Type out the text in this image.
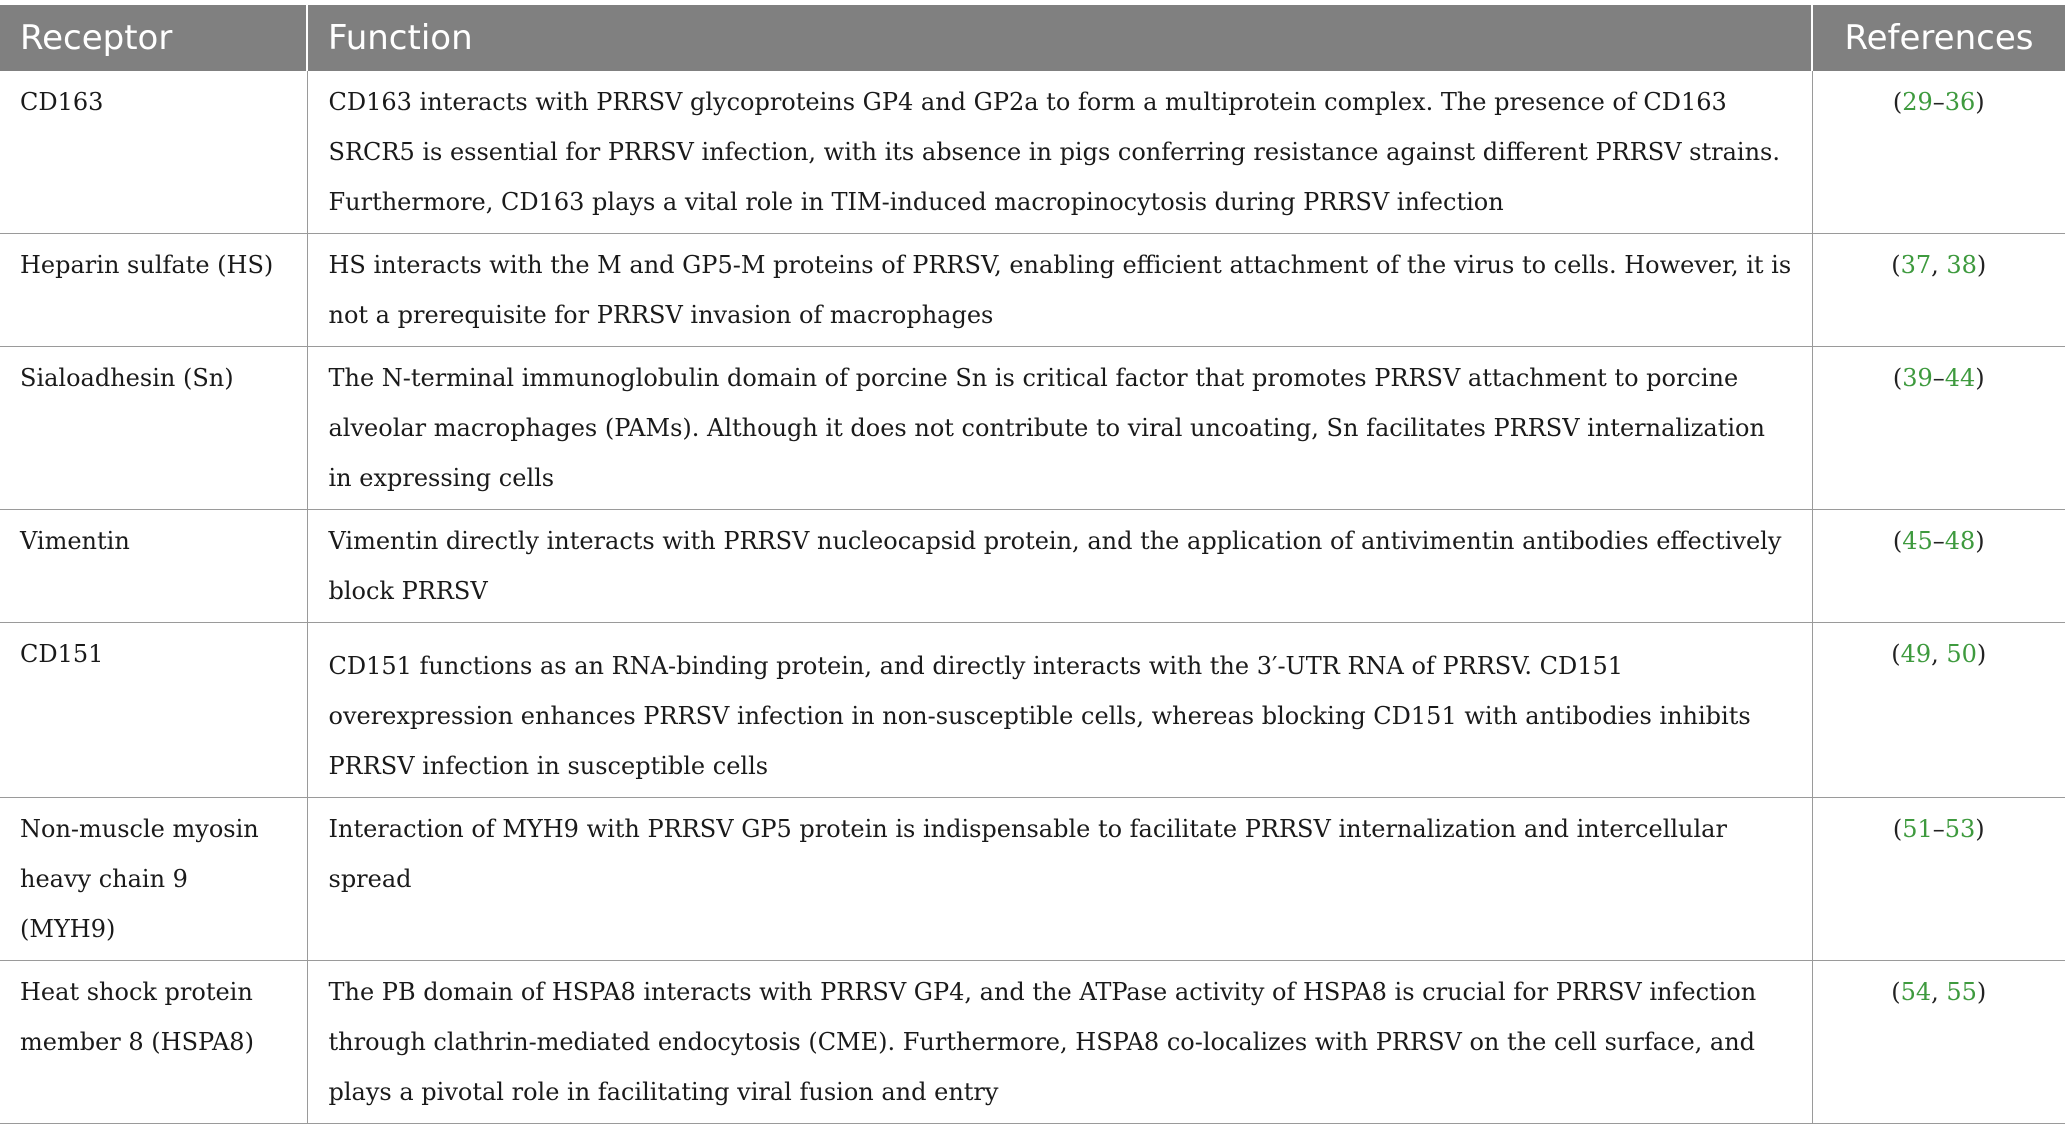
Receptor	Function	References
CD163	CD163 interacts with PRRSV glycoproteins GP4 and GP2a to form a multiprotein complex. The presence of CD163 SRCR5 is essential for PRRSV infection, with its absence in pigs conferring resistance against different PRRSV strains. Furthermore, CD163 plays a vital role in TIM-induced macropinocytosis during PRRSV infection	(29–36)
Heparin sulfate (HS)	HS interacts with the M and GP5-M proteins of PRRSV, enabling efficient attachment of the virus to cells. However, it is not a prerequisite for PRRSV invasion of macrophages	(37, 38)
Sialoadhesin (Sn)	The N-terminal immunoglobulin domain of porcine Sn is critical factor that promotes PRRSV attachment to porcine alveolar macrophages (PAMs). Although it does not contribute to viral uncoating, Sn facilitates PRRSV internalization in expressing cells	(39–44)
Vimentin	Vimentin directly interacts with PRRSV nucleocapsid protein, and the application of antivimentin antibodies effectively block PRRSV	(45–48)
CD151	CD151 functions as an RNA-binding protein, and directly interacts with the 3′-UTR RNA of PRRSV. CD151 overexpression enhances PRRSV infection in non-susceptible cells, whereas blocking CD151 with antibodies inhibits PRRSV infection in susceptible cells	(49, 50)
Non-muscle myosin heavy chain 9 (MYH9)	Interaction of MYH9 with PRRSV GP5 protein is indispensable to facilitate PRRSV internalization and intercellular spread	(51–53)
Heat shock protein member 8 (HSPA8)	The PB domain of HSPA8 interacts with PRRSV GP4, and the ATPase activity of HSPA8 is crucial for PRRSV infection through clathrin-mediated endocytosis (CME). Furthermore, HSPA8 co-localizes with PRRSV on the cell surface, and plays a pivotal role in facilitating viral fusion and entry	(54, 55)
